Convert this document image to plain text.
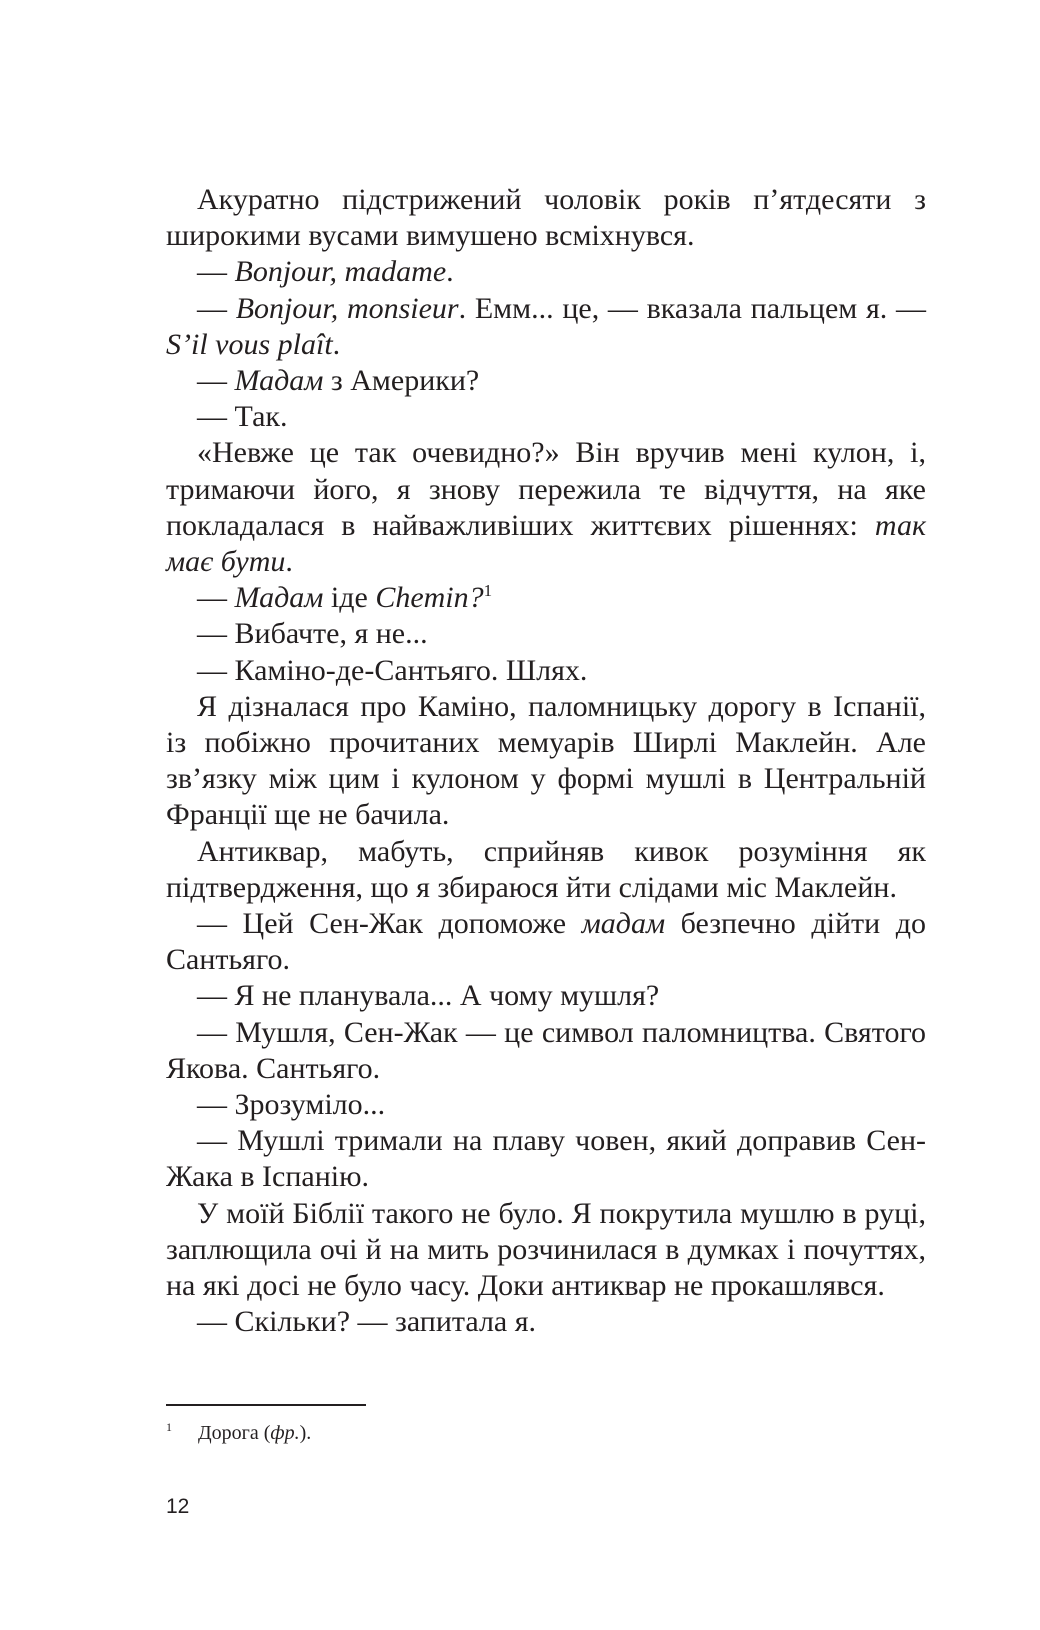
Акуратно підстрижений чоловік років п’ятдесяти з широкими вусами вимушено всміхнувся.

— Bonjour, madame.

— Bonjour, monsieur. Емм... це, — вказала пальцем я. — S’il vous plaît.

— Мадам з Америки?

— Так.

«Невже це так очевидно?» Він вручив мені кулон, і, тримаючи його, я знову пережила те відчуття, на яке покладалася в найважливіших життєвих рішеннях: так має бути.

— Мадам іде Chemin?$^1$

— Вибачте, я не...

— Каміно-де-Сантьяго. Шлях.

Я дізналася про Каміно, паломницьку дорогу в Іспанії, із побіжно прочитаних мемуарів Ширлі Маклейн. Але зв’язку між цим і кулоном у формі мушлі в Центральній Франції ще не бачила.

Антиквар, мабуть, сприйняв кивок розуміння як підтвердження, що я збираюся йти слідами міс Маклейн.

— Цей Сен-Жак допоможе мадам безпечно дійти до Сантьяго.

— Я не планувала... А чому мушля?

— Мушля, Сен-Жак — це символ паломництва. Святого Якова. Сантьяго.

— Зрозуміло...

— Мушлі тримали на плаву човен, який доправив Сен-Жака в Іспанію.

У моїй Біблії такого не було. Я покрутила мушлю в руці, заплющила очі й на мить розчинилася в думках і почуттях, на які досі не було часу. Доки антиквар не прокашлявся.

— Скільки? — запитала я.

1 Дорога (фр.).
12
